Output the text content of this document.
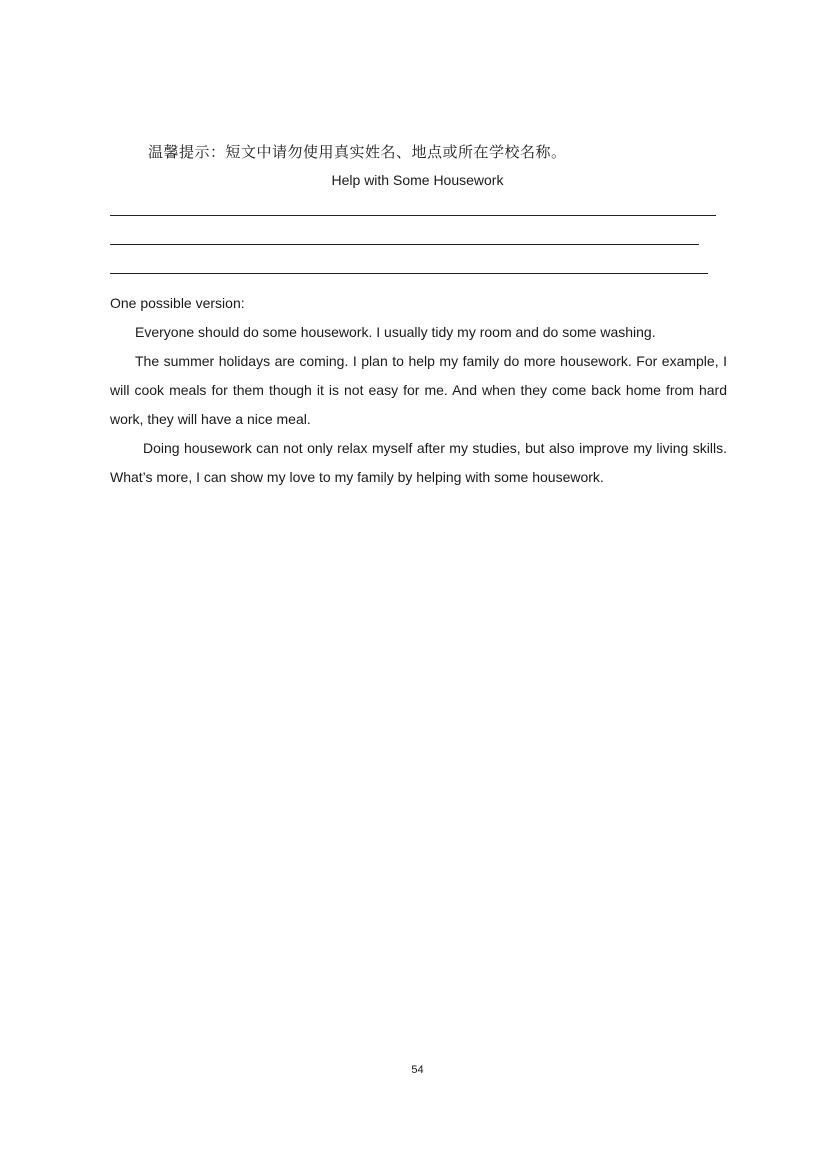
温馨提示：短文中请勿使用真实姓名、地点或所在学校名称。
Help with Some Housework
One possible version:
Everyone should do some housework. I usually tidy my room and do some washing.
The summer holidays are coming. I plan to help my family do more housework. For example, I will cook meals for them though it is not easy for me. And when they come back home from hard work, they will have a nice meal.
Doing housework can not only relax myself after my studies, but also improve my living skills. What’s more, I can show my love to my family by helping with some housework.
54
